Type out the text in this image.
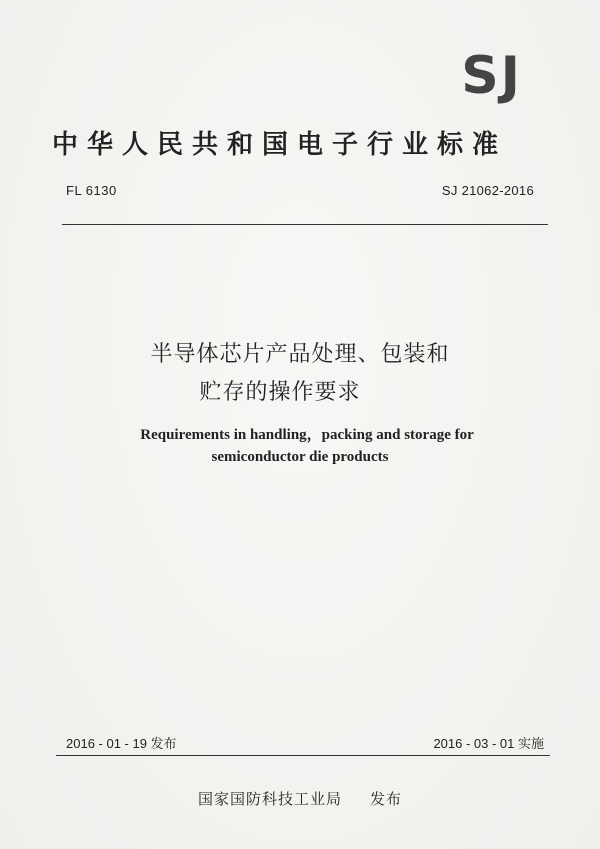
SJ
中华人民共和国电子行业标准
FL 6130	SJ 21062-2016
半导体芯片产品处理、包装和
贮存的操作要求
Requirements in handling，packing and storage for
semiconductor die products
2016 - 01 - 19 发布	2016 - 03 - 01 实施
国家国防科技工业局 发布
